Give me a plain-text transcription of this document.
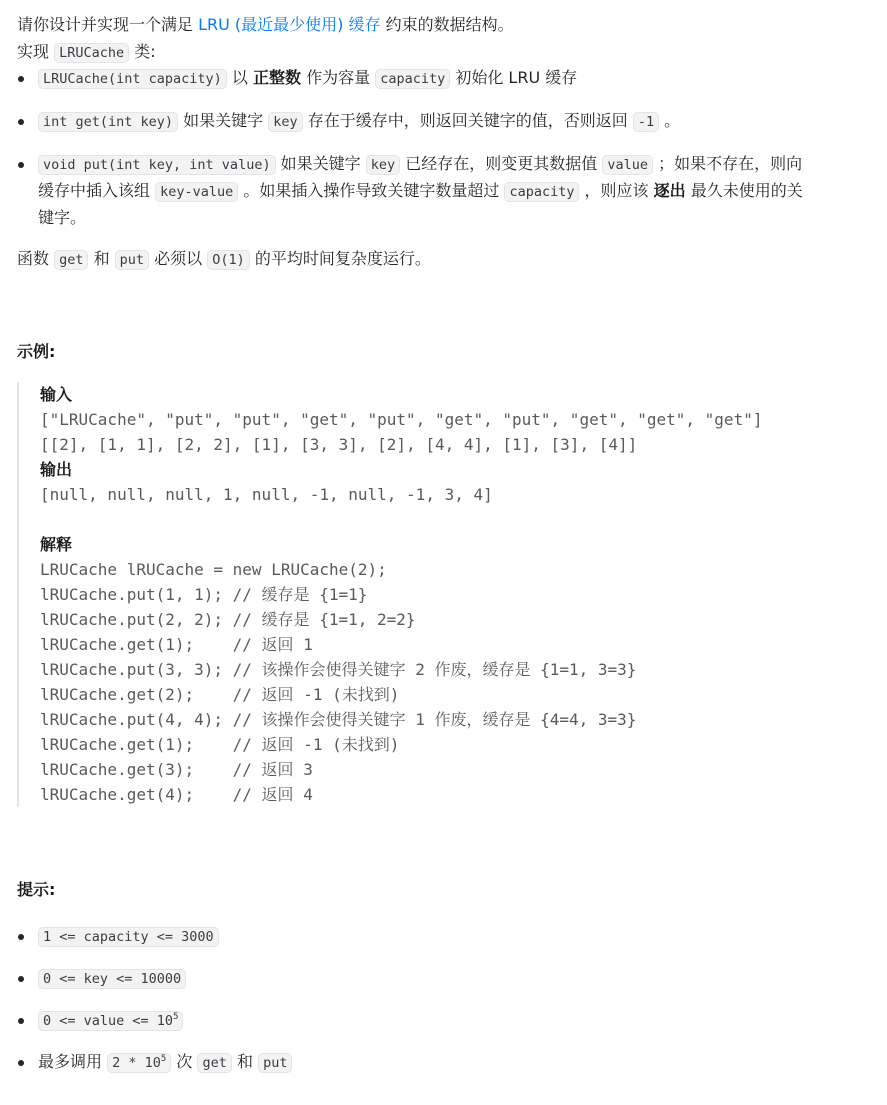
请你设计并实现一个满足 LRU (最近最少使用) 缓存 约束的数据结构。
实现 LRUCache 类:
LRUCache(int capacity) 以 正整数 作为容量 capacity 初始化 LRU 缓存
int get(int key) 如果关键字 key 存在于缓存中，则返回关键字的值，否则返回 -1 。
void put(int key, int value) 如果关键字 key 已经存在，则变更其数据值 value ；如果不存在，则向
缓存中插入该组 key-value 。如果插入操作导致关键字数量超过 capacity ，则应该 逐出 最久未使用的关
键字。
函数 get 和 put 必须以 O(1) 的平均时间复杂度运行。
示例:
输入
["LRUCache", "put", "put", "get", "put", "get", "put", "get", "get", "get"]
[[2], [1, 1], [2, 2], [1], [3, 3], [2], [4, 4], [1], [3], [4]]
输出
[null, null, null, 1, null, -1, null, -1, 3, 4]
解释
LRUCache lRUCache = new LRUCache(2);
lRUCache.put(1, 1); // 缓存是 {1=1}
lRUCache.put(2, 2); // 缓存是 {1=1, 2=2}
lRUCache.get(1);    // 返回 1
lRUCache.put(3, 3); // 该操作会使得关键字 2 作废，缓存是 {1=1, 3=3}
lRUCache.get(2);    // 返回 -1 (未找到)
lRUCache.put(4, 4); // 该操作会使得关键字 1 作废，缓存是 {4=4, 3=3}
lRUCache.get(1);    // 返回 -1 (未找到)
lRUCache.get(3);    // 返回 3
lRUCache.get(4);    // 返回 4
提示:
1 <= capacity <= 3000
0 <= key <= 10000
0 <= value <= $10^5$
最多调用 $2 * 10^5$ 次 get 和 put
